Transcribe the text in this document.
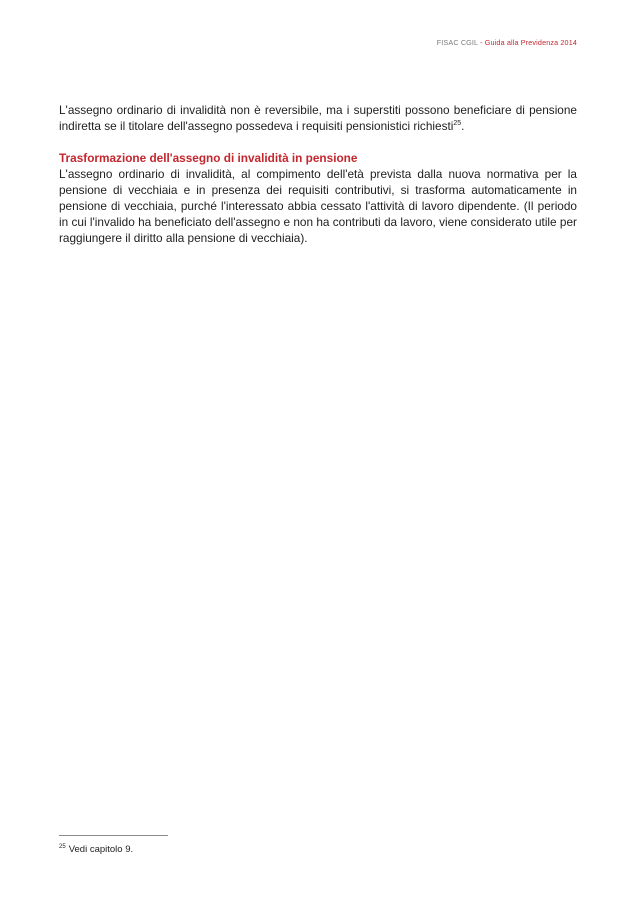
FISAC CGIL - Guida alla Previdenza 2014

L'assegno ordinario di invalidità non è reversibile, ma i superstiti possono beneficiare di pensione indiretta se il titolare dell'assegno possedeva i requisiti pensionistici richiesti$^{25}$.

Trasformazione dell'assegno di invalidità in pensione

L'assegno ordinario di invalidità, al compimento dell'età prevista dalla nuova normativa per la pensione di vecchiaia e in presenza dei requisiti contributivi, si trasforma automaticamente in pensione di vecchiaia, purché l'interessato abbia cessato l'attività di lavoro dipendente. (Il periodo in cui l'invalido ha beneficiato dell'assegno e non ha contributi da lavoro, viene considerato utile per raggiungere il diritto alla pensione di vecchiaia).

$^{25}$ Vedi capitolo 9.
